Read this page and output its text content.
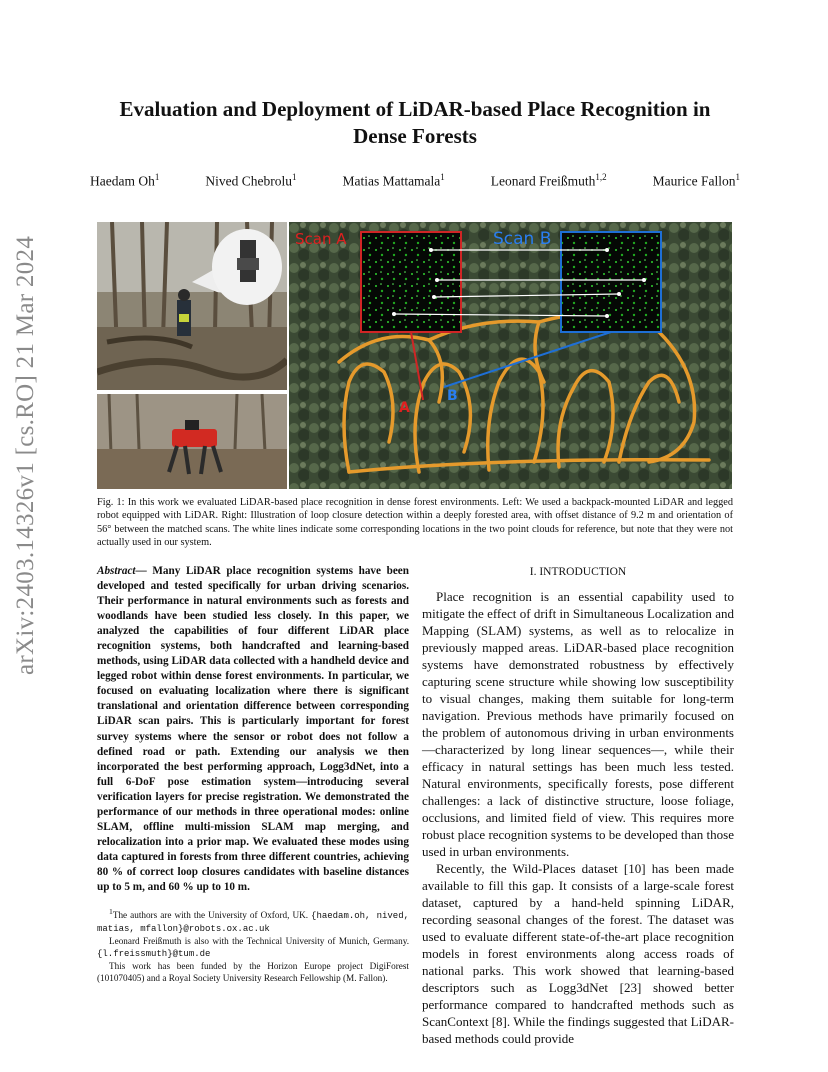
arXiv:2403.14326v1 [cs.RO] 21 Mar 2024
Evaluation and Deployment of LiDAR-based Place Recognition in Dense Forests
Haedam Oh$^1$	Nived Chebrolu$^1$	Matias Mattamala$^1$	Leonard Freißmuth$^{1,2}$	Maurice Fallon$^1$
Scan A	Scan B
A
B
Fig. 1: In this work we evaluated LiDAR-based place recognition in dense forest environments. Left: We used a backpack-mounted LiDAR and legged robot equipped with LiDAR. Right: Illustration of loop closure detection within a deeply forested area, with offset distance of 9.2 m and orientation of 56° between the matched scans. The white lines indicate some corresponding locations in the two point clouds for reference, but note that they were not actually used in our system.
Abstract— Many LiDAR place recognition systems have been developed and tested specifically for urban driving scenarios. Their performance in natural environments such as forests and woodlands have been studied less closely. In this paper, we analyzed the capabilities of four different LiDAR place recognition systems, both handcrafted and learning-based methods, using LiDAR data collected with a handheld device and legged robot within dense forest environments. In particular, we focused on evaluating localization where there is significant translational and orientation difference between corresponding LiDAR scan pairs. This is particularly important for forest survey systems where the sensor or robot does not follow a defined road or path. Extending our analysis we then incorporated the best performing approach, Logg3dNet, into a full 6-DoF pose estimation system—introducing several verification layers for precise registration. We demonstrated the performance of our methods in three operational modes: online SLAM, offline multi-mission SLAM map merging, and relocalization into a prior map. We evaluated these modes using data captured in forests from three different countries, achieving 80 % of correct loop closures candidates with baseline distances up to 5 m, and 60 % up to 10 m.

$^1$The authors are with the University of Oxford, UK. {haedam.oh, nived, matias, mfallon}@robots.ox.ac.uk

Leonard Freißmuth is also with the Technical University of Munich, Germany. {l.freissmuth}@tum.de

This work has been funded by the Horizon Europe project DigiForest (101070405) and a Royal Society University Research Fellowship (M. Fallon).

I. INTRODUCTION

Place recognition is an essential capability used to mitigate the effect of drift in Simultaneous Localization and Mapping (SLAM) systems, as well as to relocalize in previously mapped areas. LiDAR-based place recognition systems have demonstrated robustness by effectively capturing scene structure while showing low susceptibility to visual changes, making them suitable for long-term navigation. Previous methods have primarily focused on the problem of autonomous driving in urban environments—characterized by long linear sequences—, while their efficacy in natural settings has been much less tested. Natural environments, specifically forests, pose different challenges: a lack of distinctive structure, loose foliage, occlusions, and limited field of view. This requires more robust place recognition systems to be developed than those used in urban environments.

Recently, the Wild-Places dataset [10] has been made available to fill this gap. It consists of a large-scale forest dataset, captured by a hand-held spinning LiDAR, recording seasonal changes of the forest. The dataset was used to evaluate different state-of-the-art place recognition models in forest environments along access roads of national parks. This work showed that learning-based descriptors such as Logg3dNet [23] showed better performance compared to handcrafted methods such as ScanContext [8]. While the findings suggested that LiDAR-based methods could provide
